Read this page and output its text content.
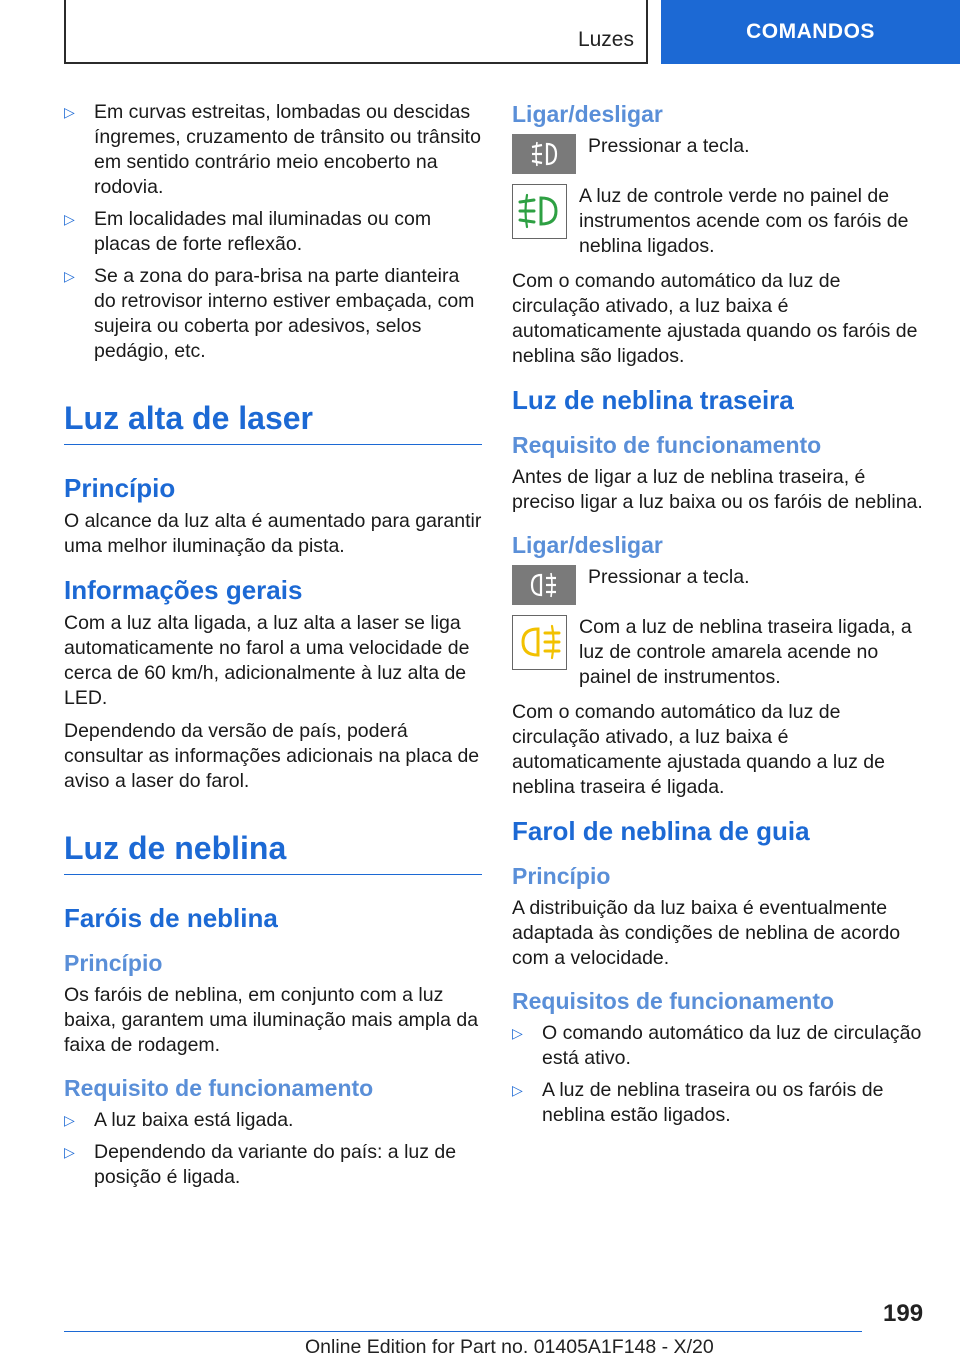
Luzes	COMANDOS
▷ Em curvas estreitas, lombadas ou descidas íngremes, cruzamento de trânsito ou trânsito em sentido contrário meio encoberto na rodovia.
▷ Em localidades mal iluminadas ou com placas de forte reflexão.
▷ Se a zona do para-brisa na parte dianteira do retrovisor interno estiver embaçada, com sujeira ou coberta por adesivos, selos pedágio, etc.
Luz alta de laser
Princípio

O alcance da luz alta é aumentado para garantir uma melhor iluminação da pista.

Informações gerais

Com a luz alta ligada, a luz alta a laser se liga automaticamente no farol a uma velocidade de cerca de 60 km/h, adicionalmente à luz alta de LED.

Dependendo da versão de país, poderá consultar as informações adicionais na placa de aviso a laser do farol.

Luz de neblina
Faróis de neblina
Princípio

Os faróis de neblina, em conjunto com a luz baixa, garantem uma iluminação mais ampla da faixa de rodagem.

Requisito de funcionamento
▷ A luz baixa está ligada.
▷ Dependendo da variante do país: a luz de posição é ligada.
Ligar/desligar

Pressionar a tecla.

A luz de controle verde no painel de instrumentos acende com os faróis de neblina ligados.

Com o comando automático da luz de circulação ativado, a luz baixa é automaticamente ajustada quando os faróis de neblina são ligados.

Luz de neblina traseira
Requisito de funcionamento

Antes de ligar a luz de neblina traseira, é preciso ligar a luz baixa ou os faróis de neblina.

Ligar/desligar

Pressionar a tecla.

Com a luz de neblina traseira ligada, a luz de controle amarela acende no painel de instrumentos.

Com o comando automático da luz de circulação ativado, a luz baixa é automaticamente ajustada quando a luz de neblina traseira é ligada.

Farol de neblina de guia
Princípio

A distribuição da luz baixa é eventualmente adaptada às condições de neblina de acordo com a velocidade.

Requisitos de funcionamento
▷ O comando automático da luz de circulação está ativo.
▷ A luz de neblina traseira ou os faróis de neblina estão ligados.
199
Online Edition for Part no. 01405A1F148 - X/20
